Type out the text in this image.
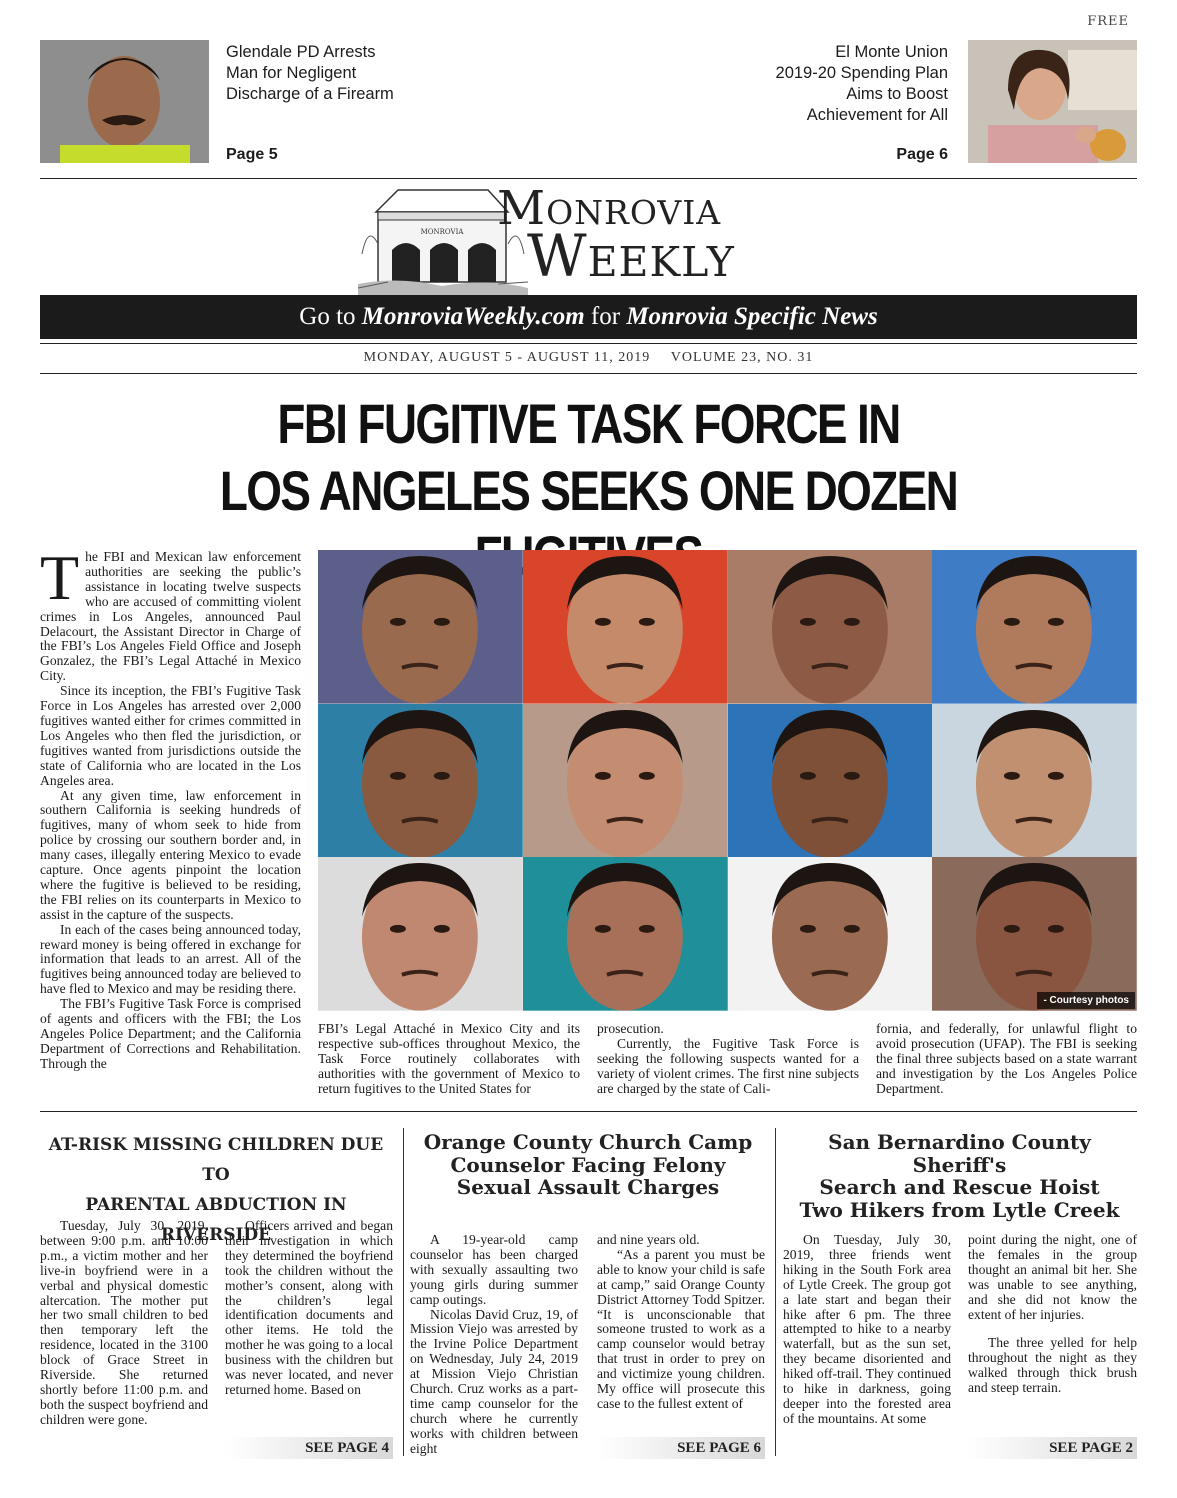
FREE
Glendale PD Arrests
Man for Negligent
Discharge of a Firearm
Page 5
El Monte Union
2019-20 Spending Plan
Aims to Boost
Achievement for All
Page 6
MONROVIA Monrovia
Weekly
Go to MonroviaWeekly.com for Monrovia Specific News
MONDAY, AUGUST 5 - AUGUST 11, 2019 VOLUME 23, NO. 31
FBI FUGITIVE TASK FORCE IN
LOS ANGELES SEEKS ONE DOZEN
T he FBI and Mexican law enforcement authorities are seeking the public’s assistance in locating twelve suspects who are accused of committing violent crimes in Los Angeles, announced Paul Delacourt, the Assistant Director in Charge of the FBI’s Los Angeles Field Office and Joseph Gonzalez, the FBI’s Legal Attaché in Mexico City.

Since its inception, the FBI’s Fugitive Task Force in Los Angeles has arrested over 2,000 fugitives wanted either for crimes committed in Los Angeles who then fled the jurisdiction, or fugitives wanted from jurisdictions outside the state of California who are located in the Los Angeles area.

At any given time, law enforcement in southern California is seeking hundreds of fugitives, many of whom seek to hide from police by crossing our southern border and, in many cases, illegally entering Mexico to evade capture. Once agents pinpoint the location where the fugitive is believed to be residing, the FBI relies on its counterparts in Mexico to assist in the capture of the suspects.

In each of the cases being announced today, reward money is being offered in exchange for information that leads to an arrest. All of the fugitives being announced today are believed to have fled to Mexico and may be residing there.

The FBI’s Fugitive Task Force is comprised of agents and officers with the FBI; the Los Angeles Police Department; and the California Department of Corrections and Rehabilitation. Through the

- Courtesy photos
FBI’s Legal Attaché in Mexico City and its respective sub-offices throughout Mexico, the Task Force routinely collaborates with authorities with the government of Mexico to return fugitives to the United States for
prosecution.

Currently, the Fugitive Task Force is seeking the following suspects wanted for a variety of violent crimes. The first nine subjects are charged by the state of Cali-

fornia, and federally, for unlawful flight to avoid prosecution (UFAP). The FBI is seeking the final three subjects based on a state warrant and investigation by the Los Angeles Police Department.
AT-RISK MISSING CHILDREN DUE TO
PARENTAL ABDUCTION IN RIVERSIDE

Tuesday, July 30, 2019, between 9:00 p.m. and 10:00 p.m., a victim mother and her live-in boyfriend were in a verbal and physical domestic altercation. The mother put her two small children to bed then temporary left the residence, located in the 3100 block of Grace Street in Riverside. She returned shortly before 11:00 p.m. and both the suspect boyfriend and children were gone.

Officers arrived and began their investigation in which they determined the boyfriend took the children without the mother’s consent, along with the children’s legal identification documents and other items. He told the mother he was going to a local business with the children but was never located, and never returned home. Based on

SEE PAGE 4
Orange County Church Camp
Counselor Facing Felony
Sexual Assault Charges

A 19-year-old camp counselor has been charged with sexually assaulting two young girls during summer camp outings.

Nicolas David Cruz, 19, of Mission Viejo was arrested by the Irvine Police Department on Wednesday, July 24, 2019 at Mission Viejo Christian Church. Cruz works as a part-time camp counselor for the church where he currently works with children between eight

and nine years old.

“As a parent you must be able to know your child is safe at camp,” said Orange County District Attorney Todd Spitzer. “It is unconscionable that someone trusted to work as a camp counselor would betray that trust in order to prey on and victimize young children. My office will prosecute this case to the fullest extent of

SEE PAGE 6
San Bernardino County Sheriff's
Search and Rescue Hoist
Two Hikers from Lytle Creek

On Tuesday, July 30, 2019, three friends went hiking in the South Fork area of Lytle Creek. The group got a late start and began their hike after 6 pm. The three attempted to hike to a nearby waterfall, but as the sun set, they became disoriented and hiked off-trail. They continued to hike in darkness, going deeper into the forested area of the mountains. At some

point during the night, one of the females in the group thought an animal bit her. She was unable to see anything, and she did not know the extent of her injuries.

The three yelled for help throughout the night as they walked through thick brush and steep terrain.

SEE PAGE 2
